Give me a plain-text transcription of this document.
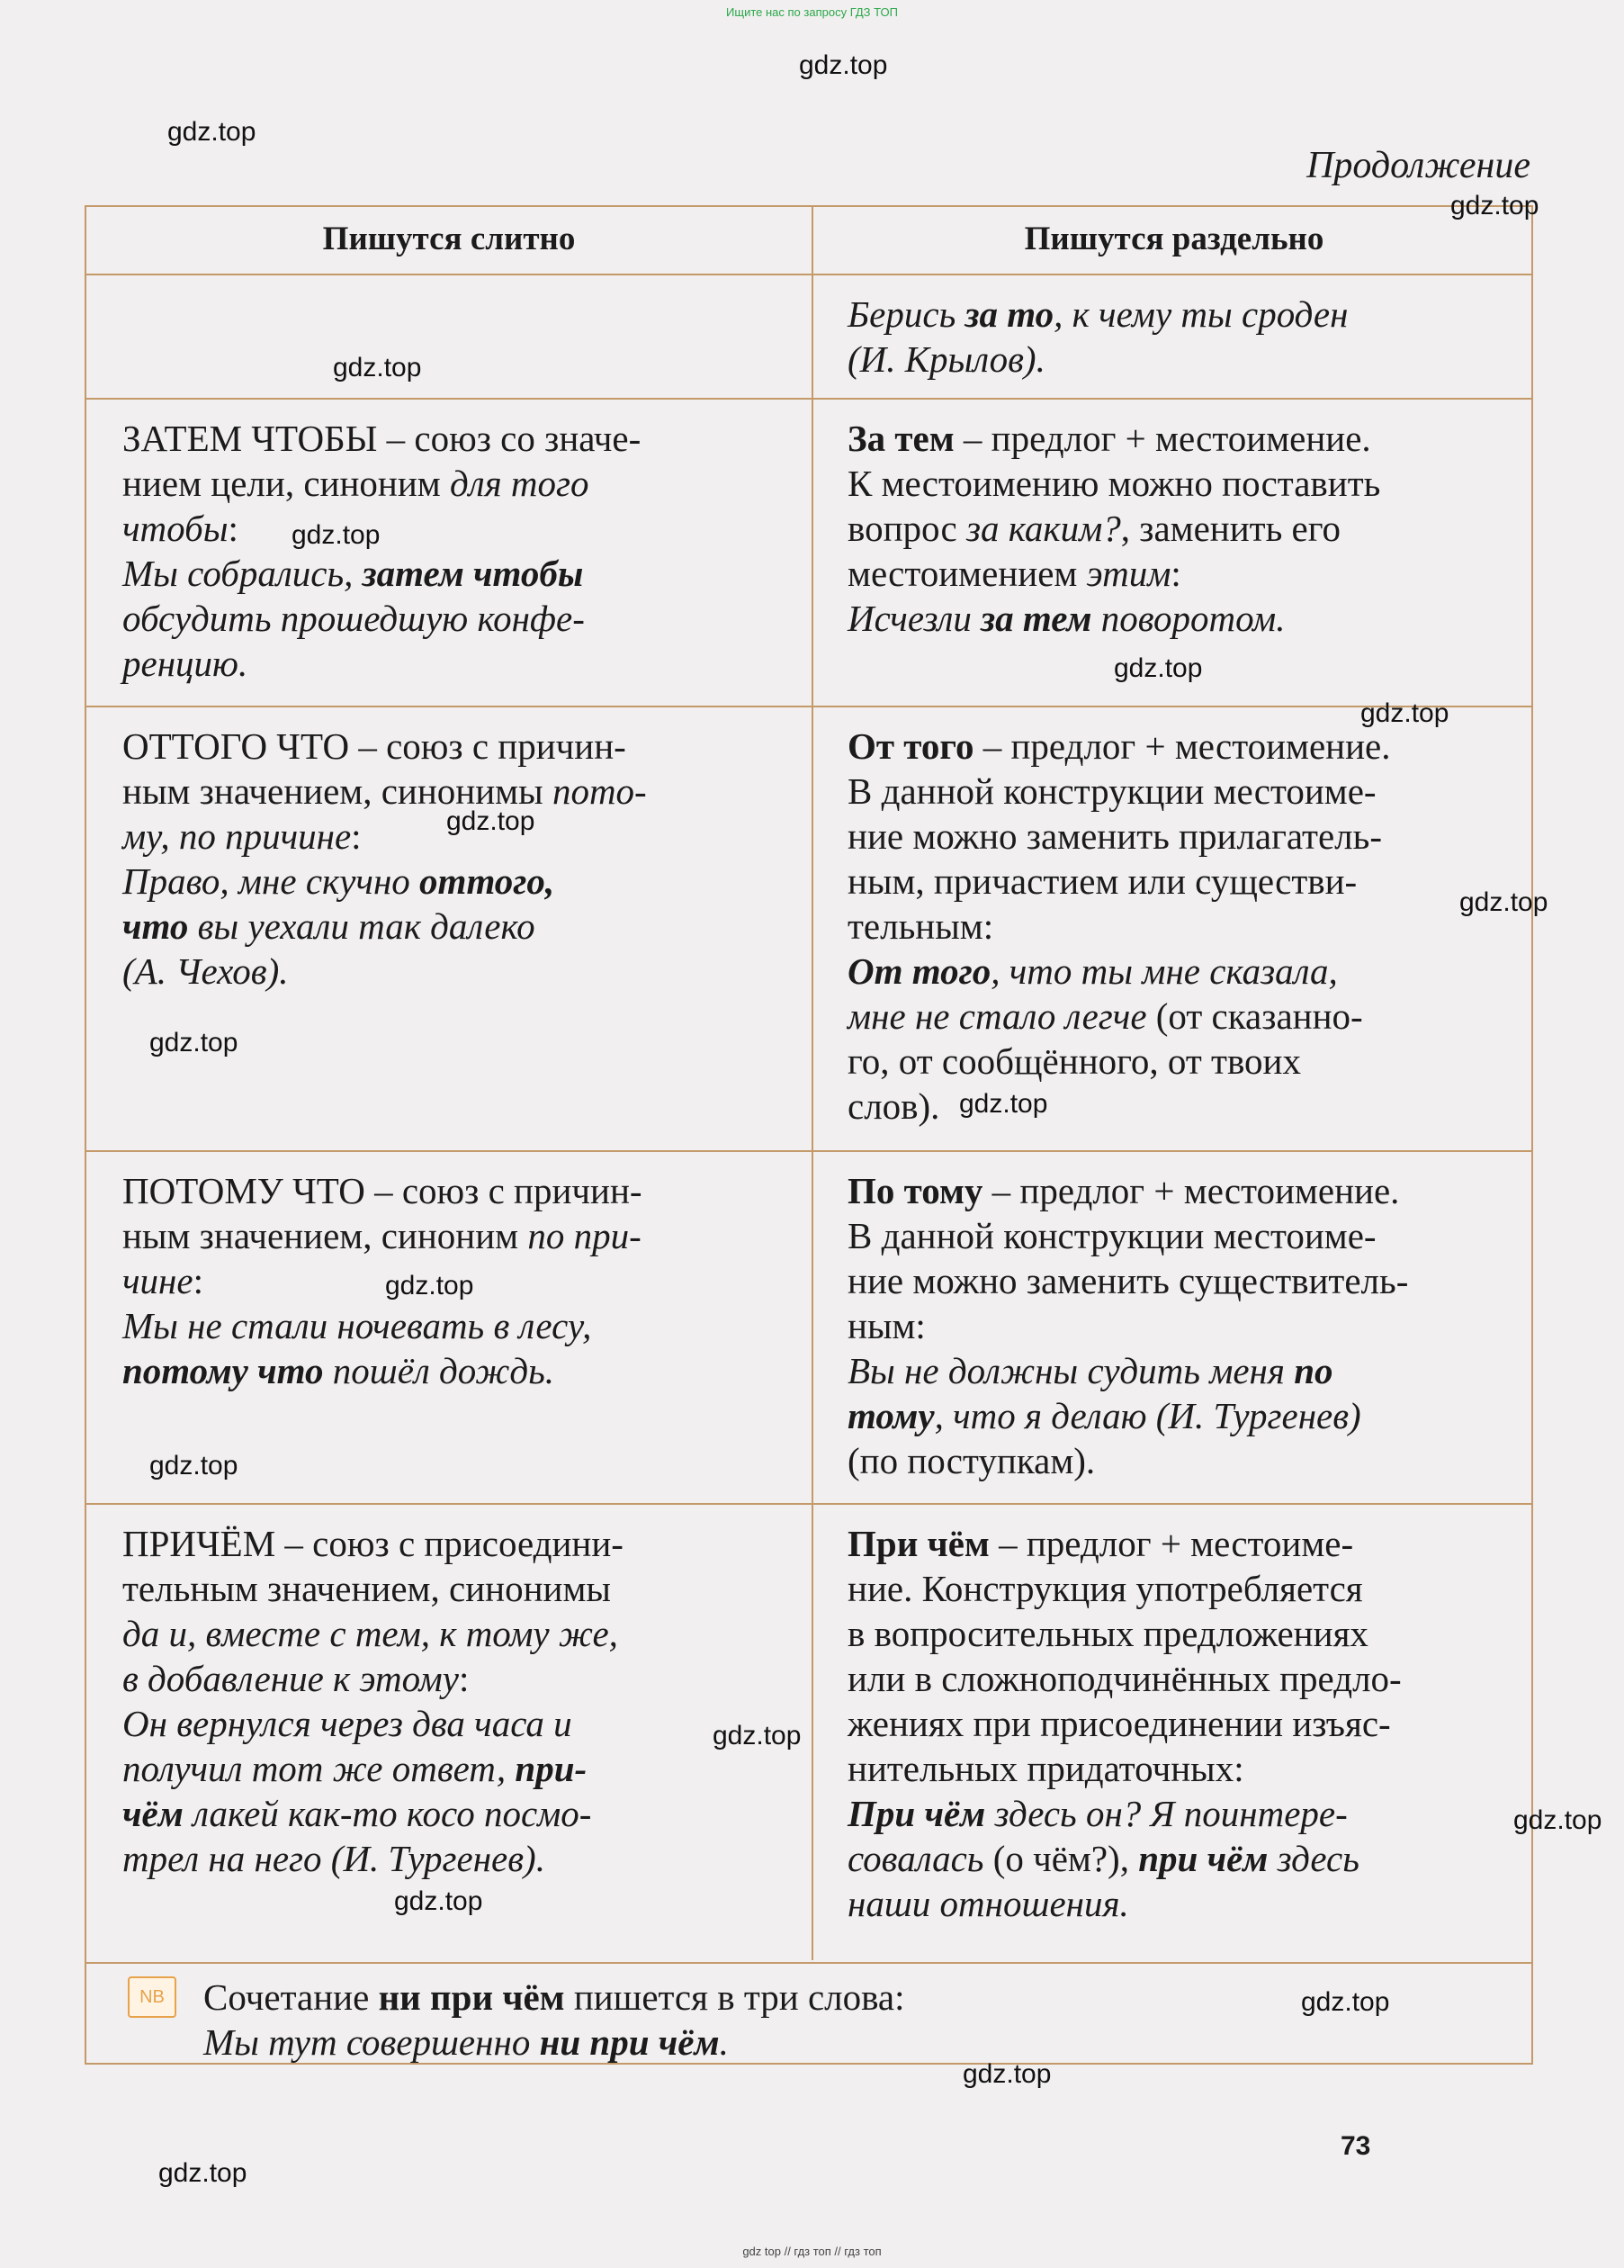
Ищите нас по запросу ГДЗ ТОП
Продолжение
Пишутся слитно	Пишутся раздельно
Берись за то, к чему ты сроден
(И. Крылов).
ЗАТЕМ ЧТОБЫ – союз со значе-
нием цели, синоним для того
чтобы:
Мы собрались, затем чтобы
обсудить прошедшую конфе-
ренцию.
За тем – предлог + местоимение.
К местоимению можно поставить
вопрос за каким?, заменить его
местоимением этим:
Исчезли за тем поворотом.
ОТТОГО ЧТО – союз с причин-
ным значением, синонимы пото-
му, по причине:
Право, мне скучно оттого,
что вы уехали так далеко
(А. Чехов).
От того – предлог + местоимение.
В данной конструкции местоиме-
ние можно заменить прилагатель-
ным, причастием или существи-
тельным:
От того, что ты мне сказала,
мне не стало легче (от сказанно-
го, от сообщённого, от твоих
слов).
ПОТОМУ ЧТО – союз с причин-
ным значением, синоним по при-
чине:
Мы не стали ночевать в лесу,
потому что пошёл дождь.
По тому – предлог + местоимение.
В данной конструкции местоиме-
ние можно заменить существитель-
ным:
Вы не должны судить меня по
тому, что я делаю (И. Тургенев)
(по поступкам).
ПРИЧЁМ – союз с присоедини-
тельным значением, синонимы
да и, вместе с тем, к тому же,
в добавление к этому:
Он вернулся через два часа и
получил тот же ответ, при-
чём лакей как-то косо посмо-
трел на него (И. Тургенев).
При чём – предлог + местоиме-
ние. Конструкция употребляется
в вопросительных предложениях
или в сложноподчинённых предло-
жениях при присоединении изъяс-
нительных придаточных:
При чём здесь он? Я поинтере-
совалась (о чём?), при чём здесь
наши отношения.
NB	Сочетание ни при чём пишется в три слова:
Мы тут совершенно ни при чём.
73
gdz.top
gdz.top
gdz.top
gdz.top
gdz.top
gdz.top
gdz.top
gdz.top
gdz.top
gdz.top
gdz.top
gdz.top
gdz.top
gdz.top
gdz.top
gdz.top
gdz.top
gdz.top
gdz.top
gdz top // гдз топ // гдз топ
